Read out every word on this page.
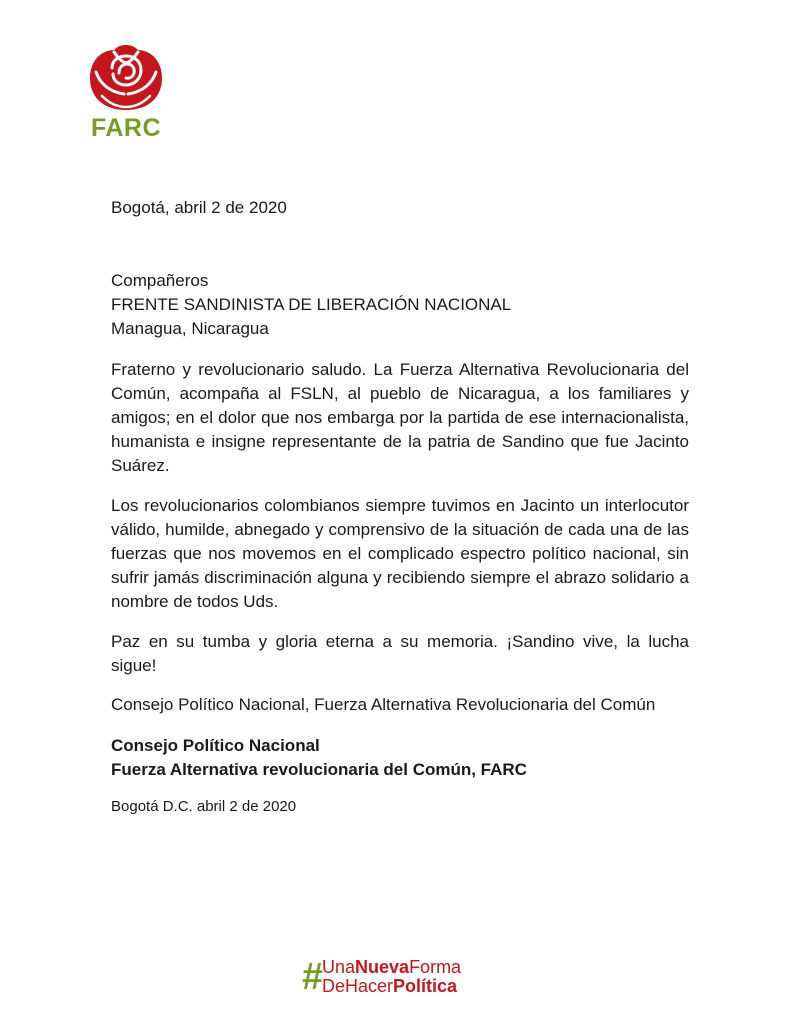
FARC

Bogotá, abril 2 de 2020

Compañeros
FRENTE SANDINISTA DE LIBERACIÓN NACIONAL
Managua, Nicaragua

Fraterno y revolucionario saludo. La Fuerza Alternativa Revolucionaria del Común, acompaña al FSLN, al pueblo de Nicaragua, a los familiares y amigos; en el dolor que nos embarga por la partida de ese internacionalista, humanista e insigne representante de la patria de Sandino que fue Jacinto Suárez.

Los revolucionarios colombianos siempre tuvimos en Jacinto un interlocutor válido, humilde, abnegado y comprensivo de la situación de cada una de las fuerzas que nos movemos en el complicado espectro político nacional, sin sufrir jamás discriminación alguna y recibiendo siempre el abrazo solidario a nombre de todos Uds.

Paz en su tumba y gloria eterna a su memoria. ¡Sandino vive, la lucha sigue!

Consejo Político Nacional, Fuerza Alternativa Revolucionaria del Común

Consejo Político Nacional
Fuerza Alternativa revolucionaria del Común, FARC
Bogotá D.C. abril 2 de 2020
#
UnaNuevaForma
DeHacerPolítica
